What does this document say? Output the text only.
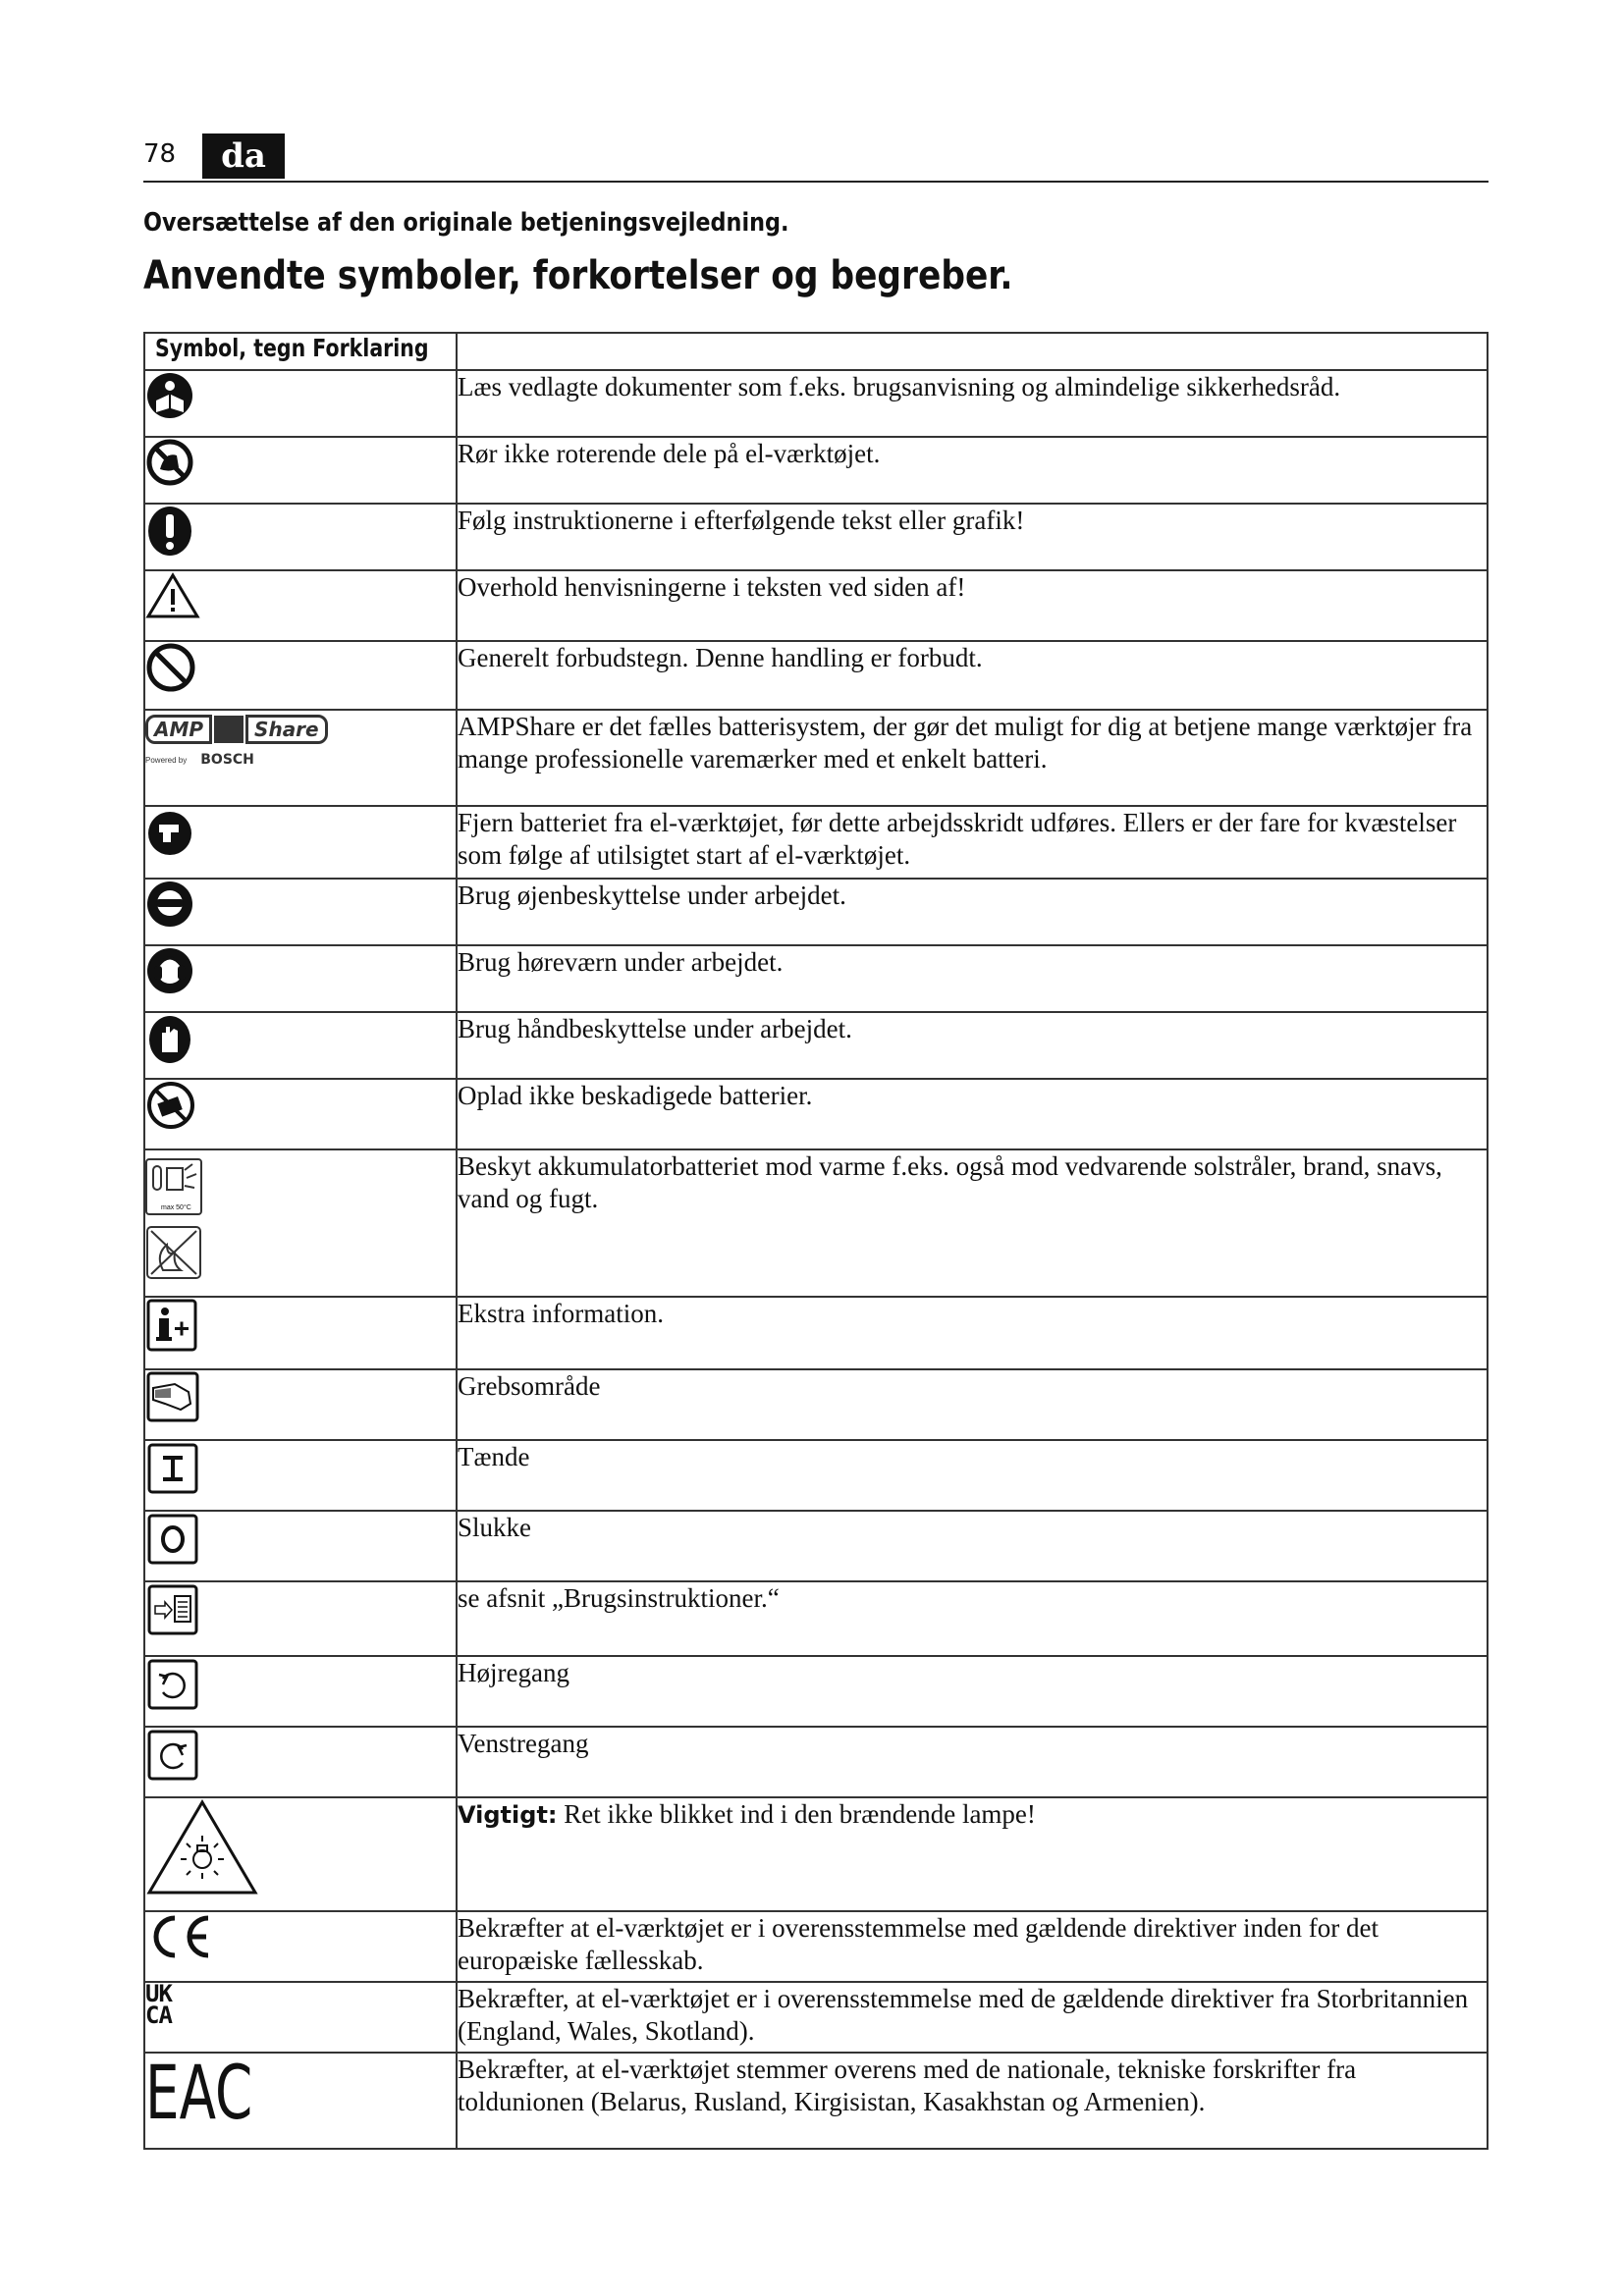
78	da
Oversættelse af den originale betjeningsvejledning.
Anvendte symboler, forkortelser og begreber.
Symbol, tegn Forklaring	

	Læs vedlagte dokumenter som f.eks. brugsanvisning og almindelige sikkerhedsråd.

	Rør ikke roterende dele på el-værktøjet.

	Følg instruktionerne i efterfølgende tekst eller grafik!

	Overhold henvisningerne i teksten ved siden af!

	Generelt forbudstegn. Denne handling er forbudt.

AMP Share
Powered by BOSCH	AMPShare er det fælles batterisystem, der gør det muligt for dig at betjene mange værktøjer fra mange professionelle varemærker med et enkelt batteri.

	Fjern batteriet fra el-værktøjet, før dette arbejdsskridt udføres. Ellers er der fare for kvæstelser som følge af utilsigtet start af el-værktøjet.

	Brug øjenbeskyttelse under arbejdet.

	Brug høreværn under arbejdet.

	Brug håndbeskyttelse under arbejdet.

	Oplad ikke beskadigede batterier.

max 50°C	Beskyt akkumulatorbatteriet mod varme f.eks. også mod vedvarende solstråler, brand, snavs, vand og fugt.

	Ekstra information.

	Grebsområde

	Tænde

	Slukke

	se afsnit „Brugsinstruktioner.“

	Højregang

	Venstregang

	Vigtigt: Ret ikke blikket ind i den brændende lampe!

	Bekræfter at el-værktøjet er i overensstemmelse med gældende direktiver inden for det europæiske fællesskab.

UK
CA	Bekræfter, at el-værktøjet er i overensstemmelse med de gældende direktiver fra Storbritannien (England, Wales, Skotland).

EAC	Bekræfter, at el-værktøjet stemmer overens med de nationale, tekniske forskrifter fra toldunionen (Belarus, Rusland, Kirgisistan, Kasakhstan og Armenien).
